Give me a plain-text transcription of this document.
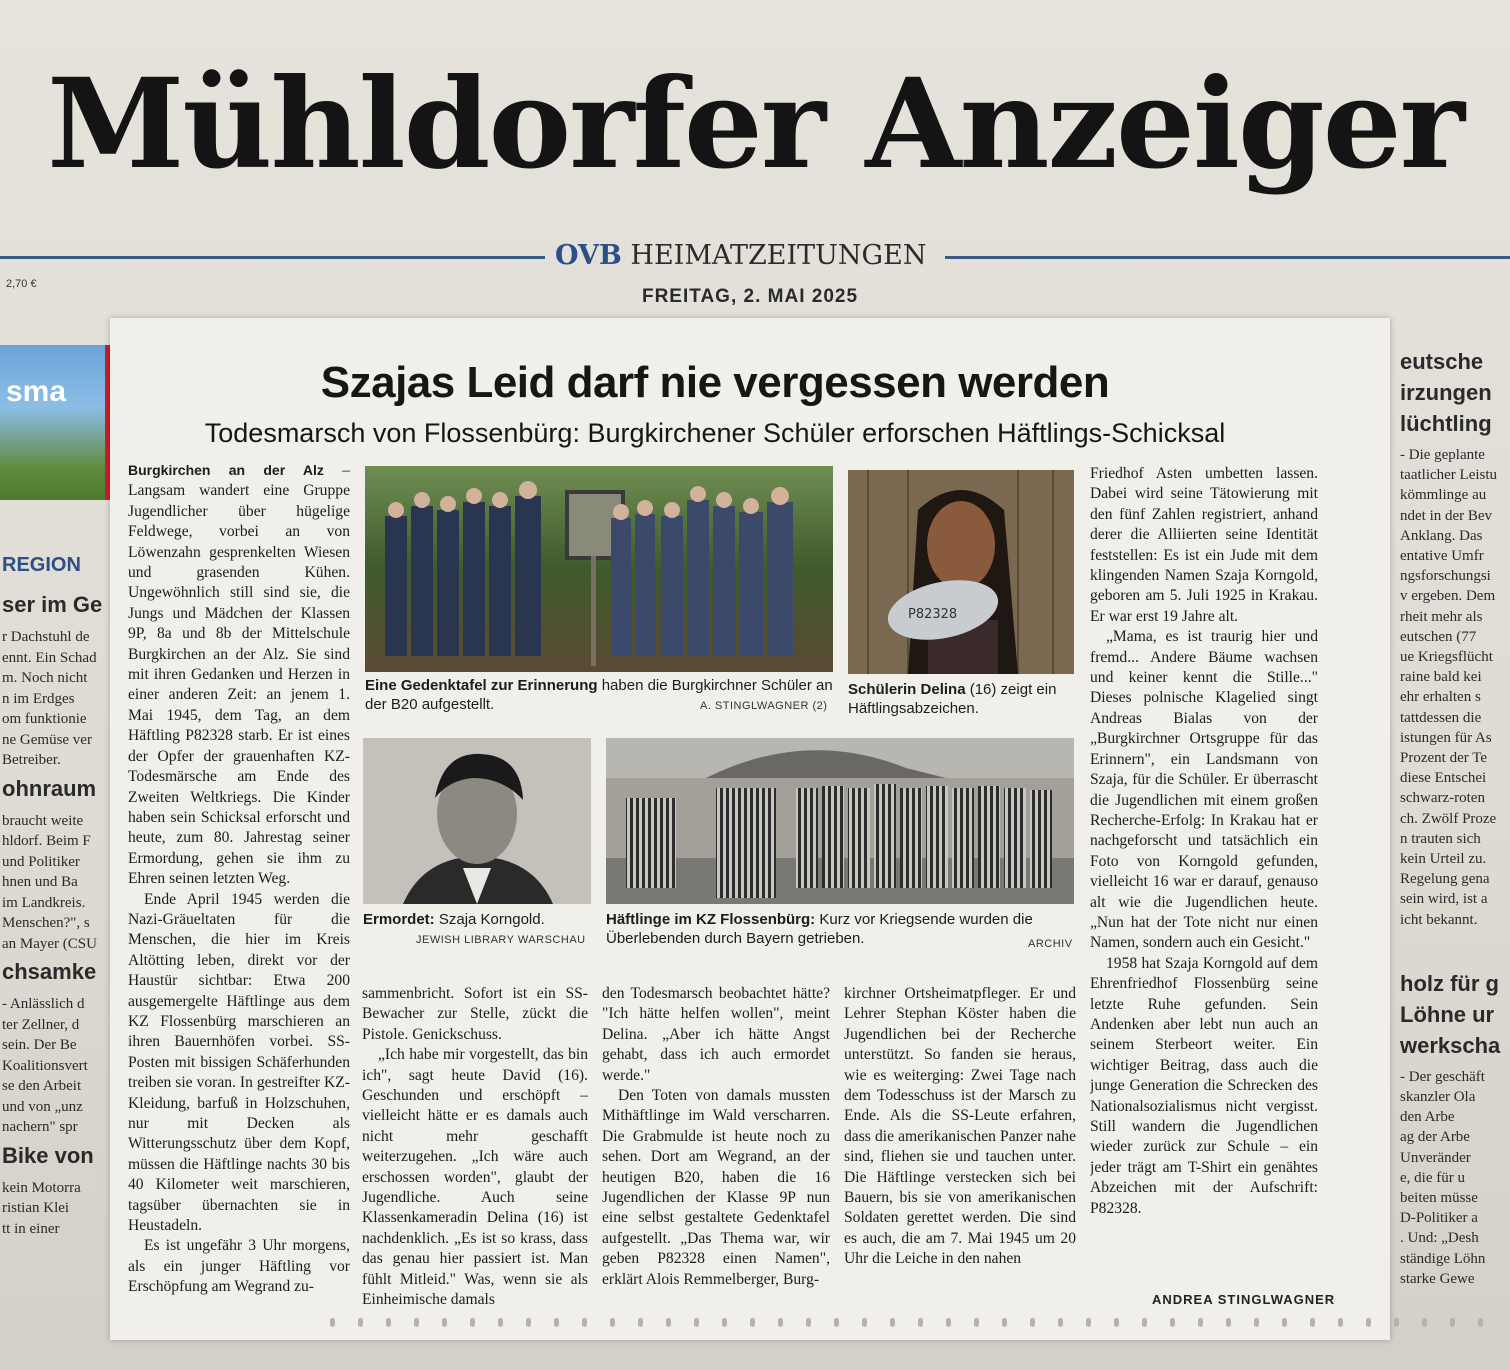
Mühldorfer Anzeiger
OVB HEIMATZEITUNGEN
FREITAG, 2. MAI 2025
2,70 €
sma
REGION
ser im Ge
r Dachstuhl de
ennt. Ein Schad
m. Noch nicht
n im Erdges
om funktionie
ne Gemüse ver
Betreiber.
ohnraum
braucht weite
hldorf. Beim F
und Politiker
hnen und Ba
im Landkreis.
Menschen?", s
an Mayer (CSU
chsamke
- Anlässlich d
ter Zellner, d
sein. Der Be
Koalitionsvert
se den Arbeit
und von „unz
nachern" spr
Bike von
kein Motorra
ristian Klei
tt in einer
eutsche
irzungen
lüchtling
- Die geplante
taatlicher Leistu
kömmlinge au
ndet in der Bev
Anklang. Das
entative Umfr
ngsforschungsi
v ergeben. Dem
rheit mehr als
eutschen (77
ue Kriegsflücht
raine bald kei
ehr erhalten s
tattdessen die
istungen für As
Prozent der Te
diese Entschei
schwarz-roten
ch. Zwölf Proze
n trauten sich
kein Urteil zu.
Regelung gena
sein wird, ist a
icht bekannt.
holz für g
Löhne ur
werkscha
- Der geschäft
skanzler Ola
den Arbe
ag der Arbe
Unveränder
e, die für u
beiten müsse
D-Politiker a
. Und: „Desh
ständige Löhn
starke Gewe
Szajas Leid darf nie vergessen werden
Todesmarsch von Flossenbürg: Burgkirchener Schüler erforschen Häftlings-Schicksal

Burgkirchen an der Alz – Langsam wandert eine Gruppe Jugendlicher über hügelige Feldwege, vorbei an von Löwenzahn gesprenkelten Wiesen und grasenden Kühen. Ungewöhnlich still sind sie, die Jungs und Mädchen der Klassen 9P, 8a und 8b der Mittelschule Burgkirchen an der Alz. Sie sind mit ihren Gedanken und Herzen in einer anderen Zeit: an jenem 1. Mai 1945, dem Tag, an dem Häftling P82328 starb. Er ist eines der Opfer der grauenhaften KZ-Todesmärsche am Ende des Zweiten Weltkriegs. Die Kinder haben sein Schicksal erforscht und heute, zum 80. Jahrestag seiner Ermordung, gehen sie ihm zu Ehren seinen letzten Weg.

Ende April 1945 werden die Nazi-Gräueltaten für die Menschen, die hier im Kreis Altötting leben, direkt vor der Haustür sichtbar: Etwa 200 ausgemergelte Häftlinge aus dem KZ Flossenbürg marschieren an ihren Bauernhöfen vorbei. SS-Posten mit bissigen Schäferhunden treiben sie voran. In gestreifter KZ-Kleidung, barfuß in Holzschuhen, nur mit Decken als Witterungsschutz über dem Kopf, müssen die Häftlinge nachts 30 bis 40 Kilometer weit marschieren, tagsüber übernachten sie in Heustadeln.

Es ist ungefähr 3 Uhr morgens, als ein junger Häftling vor Erschöpfung am Wegrand zu-

Eine Gedenktafel zur Erinnerung haben die Burgkirchner Schüler an der B20 aufgestellt.	A. STINGLWAGNER (2)
P82328
Schülerin Delina (16) zeigt ein Häftlingsabzeichen.
Ermordet: Szaja Korngold.
JEWISH LIBRARY WARSCHAU
Häftlinge im KZ Flossenbürg: Kurz vor Kriegsende wurden die Überlebenden durch Bayern getrieben.	ARCHIV

sammenbricht. Sofort ist ein SS-Bewacher zur Stelle, zückt die Pistole. Genickschuss.

„Ich habe mir vorgestellt, das bin ich", sagt heute David (16). Geschunden und erschöpft – vielleicht hätte er es damals auch nicht mehr geschafft weiterzugehen. „Ich wäre auch erschossen worden", glaubt der Jugendliche. Auch seine Klassenkameradin Delina (16) ist nachdenklich. „Es ist so krass, dass das genau hier passiert ist. Man fühlt Mitleid." Was, wenn sie als Einheimische damals

den Todesmarsch beobachtet hätte? "Ich hätte helfen wollen", meint Delina. „Aber ich hätte Angst gehabt, dass ich auch ermordet werde."

Den Toten von damals mussten Mithäftlinge im Wald verscharren. Die Grabmulde ist heute noch zu sehen. Dort am Wegrand, an der heutigen B20, haben die 16 Jugendlichen der Klasse 9P nun eine selbst gestaltete Gedenktafel aufgestellt. „Das Thema war, wir geben P82328 einen Namen", erklärt Alois Remmelberger, Burg-

kirchner Ortsheimatpfleger. Er und Lehrer Stephan Köster haben die Jugendlichen bei der Recherche unterstützt. So fanden sie heraus, wie es weiterging: Zwei Tage nach dem Todesschuss ist der Marsch zu Ende. Als die SS-Leute erfahren, dass die amerikanischen Panzer nahe sind, fliehen sie und tauchen unter. Die Häftlinge verstecken sich bei Bauern, bis sie von amerikanischen Soldaten gerettet werden. Die sind es auch, die am 7. Mai 1945 um 20 Uhr die Leiche in den nahen

Friedhof Asten umbetten lassen. Dabei wird seine Tätowierung mit den fünf Zahlen registriert, anhand derer die Alliierten seine Identität feststellen: Es ist ein Jude mit dem klingenden Namen Szaja Korngold, geboren am 5. Juli 1925 in Krakau. Er war erst 19 Jahre alt.

„Mama, es ist traurig hier und fremd... Andere Bäume wachsen und keiner kennt die Stille..." Dieses polnische Klagelied singt Andreas Bialas von der „Burgkirchner Ortsgruppe für das Erinnern", ein Landsmann von Szaja, für die Schüler. Er überrascht die Jugendlichen mit einem großen Recherche-Erfolg: In Krakau hat er nachgeforscht und tatsächlich ein Foto von Korngold gefunden, vielleicht 16 war er darauf, genauso alt wie die Jugendlichen heute. „Nun hat der Tote nicht nur einen Namen, sondern auch ein Gesicht."

1958 hat Szaja Korngold auf dem Ehrenfriedhof Flossenbürg seine letzte Ruhe gefunden. Sein Andenken aber lebt nun auch an seinem Sterbeort weiter. Ein wichtiger Beitrag, dass auch die junge Generation die Schrecken des Nationalsozialismus nicht vergisst. Still wandern die Jugendlichen wieder zurück zur Schule – ein jeder trägt am T-Shirt ein genähtes Abzeichen mit der Aufschrift: P82328.

ANDREA STINGLWAGNER
